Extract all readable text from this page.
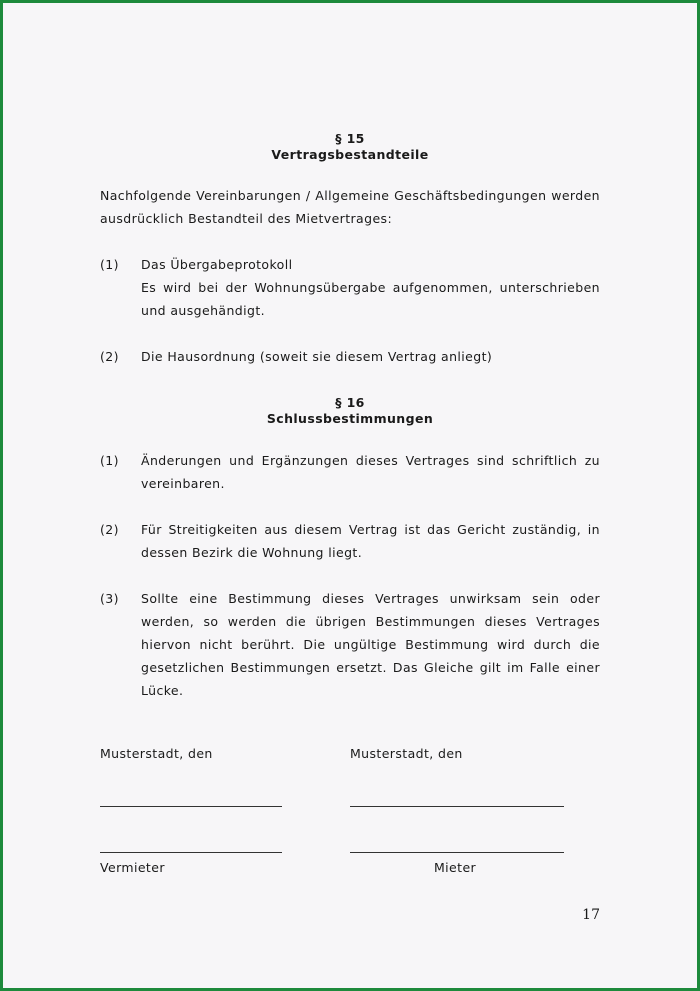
§ 15
Vertragsbestandteile
Nachfolgende Vereinbarungen / Allgemeine Geschäftsbedingungen werden ausdrücklich Bestandteil des Mietvertrages:
(1) Das Übergabeprotokoll
Es wird bei der Wohnungsübergabe aufgenommen, unterschrieben und ausgehändigt.
(2) Die Hausordnung (soweit sie diesem Vertrag anliegt)
§ 16
Schlussbestimmungen
(1) Änderungen und Ergänzungen dieses Vertrages sind schriftlich zu vereinbaren.
(2) Für Streitigkeiten aus diesem Vertrag ist das Gericht zuständig, in dessen Bezirk die Wohnung liegt.
(3) Sollte eine Bestimmung dieses Vertrages unwirksam sein oder werden, so werden die übrigen Bestimmungen dieses Vertrages hiervon nicht berührt. Die ungültige Bestimmung wird durch die gesetzlichen Bestimmungen ersetzt. Das Gleiche gilt im Falle einer Lücke.
Musterstadt, den	Musterstadt, den
Vermieter	Mieter
17
